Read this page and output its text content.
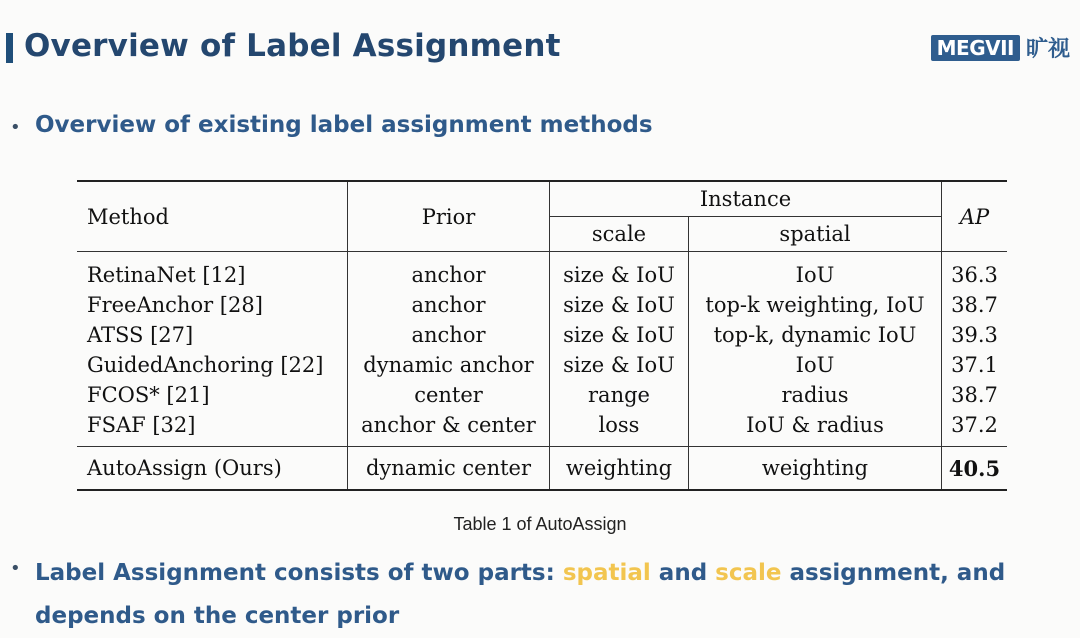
Overview of Label Assignment	MEGVII 旷视
• Overview of existing label assignment methods
Method	Prior	Instance		AP
		scale	spatial	
RetinaNet [12]	anchor	size & IoU	IoU	36.3
FreeAnchor [28]	anchor	size & IoU	top-k weighting, IoU	38.7
ATSS [27]	anchor	size & IoU	top-k, dynamic IoU	39.3
GuidedAnchoring [22]	dynamic anchor	size & IoU	IoU	37.1
FCOS* [21]	center	range	radius	38.7
FSAF [32]	anchor & center	loss	IoU & radius	37.2
AutoAssign (Ours)	dynamic center	weighting	weighting	40.5
Table 1 of AutoAssign
• Label Assignment consists of two parts: spatial and scale assignment, and depends on the center prior
